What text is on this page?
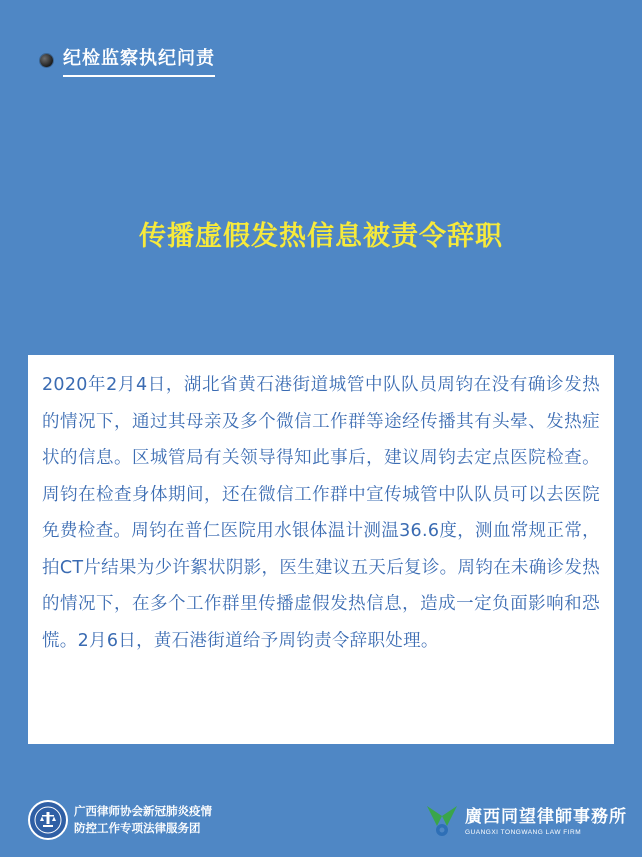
纪检监察执纪问责
传播虚假发热信息被责令辞职

2020年2月4日，湖北省黄石港街道城管中队队员周钧在没有确诊发热的情况下，通过其母亲及多个微信工作群等途经传播其有头晕、发热症状的信息。区城管局有关领导得知此事后，建议周钧去定点医院检查。周钧在检查身体期间，还在微信工作群中宣传城管中队队员可以去医院免费检查。周钧在普仁医院用水银体温计测温36.6度，测血常规正常，拍CT片结果为少许絮状阴影，医生建议五天后复诊。周钧在未确诊发热的情况下，在多个工作群里传播虚假发热信息，造成一定负面影响和恐慌。2月6日，黄石港街道给予周钧责令辞职处理。

广西律师协会新冠肺炎疫情
防控工作专项法律服务团
廣西同望律師事務所
GUANGXI TONGWANG LAW FIRM
